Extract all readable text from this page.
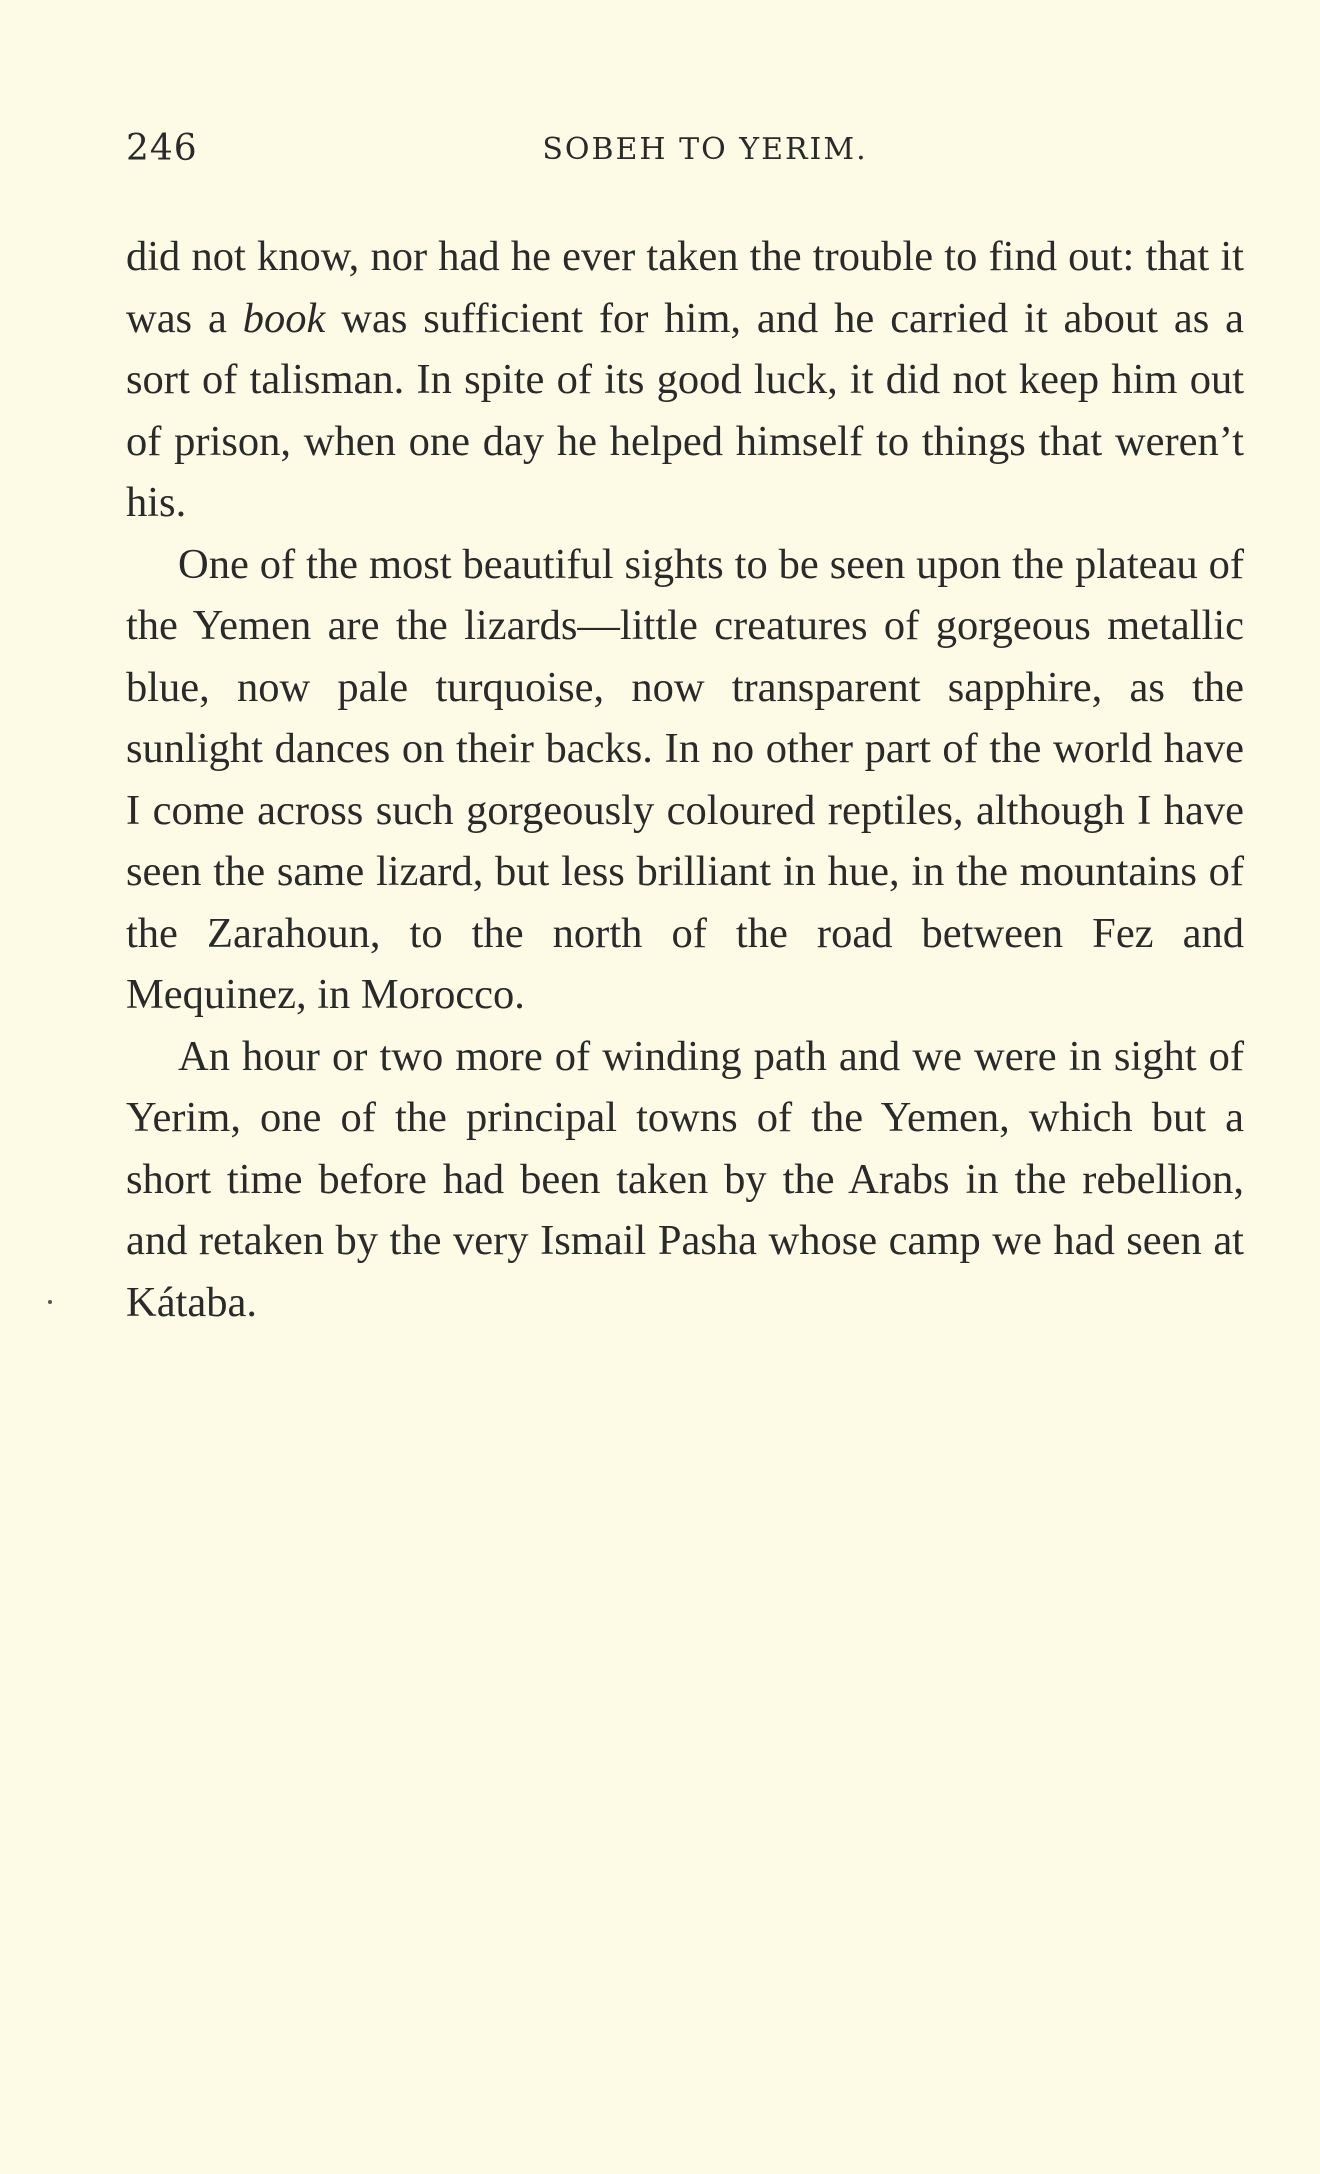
246	SOBEH TO YERIM.

did not know, nor had he ever taken the trouble to find out: that it was a book was sufficient for him, and he carried it about as a sort of talisman. In spite of its good luck, it did not keep him out of prison, when one day he helped himself to things that weren’t his.

One of the most beautiful sights to be seen upon the plateau of the Yemen are the lizards—little creatures of gorgeous metallic blue, now pale turquoise, now transparent sapphire, as the sunlight dances on their backs. In no other part of the world have I come across such gorgeously coloured reptiles, although I have seen the same lizard, but less brilliant in hue, in the mountains of the Zarahoun, to the north of the road between Fez and Mequinez, in Morocco.

An hour or two more of winding path and we were in sight of Yerim, one of the principal towns of the Yemen, which but a short time before had been taken by the Arabs in the rebellion, and retaken by the very Ismail Pasha whose camp we had seen at Kátaba.
